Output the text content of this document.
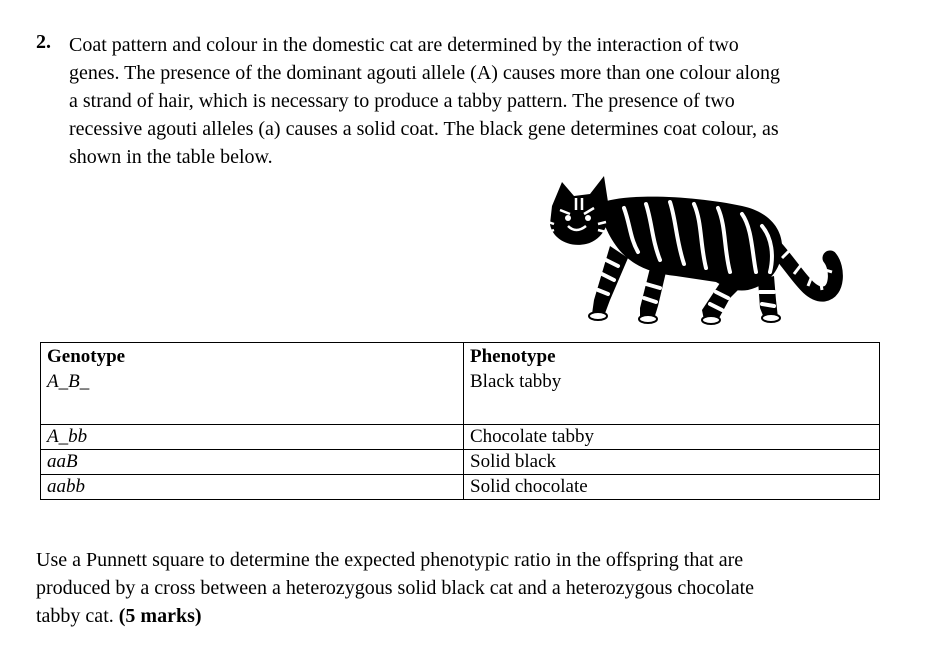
2. Coat pattern and colour in the domestic cat are determined by the interaction of two
genes. The presence of the dominant agouti allele (A) causes more than one colour along
a strand of hair, which is necessary to produce a tabby pattern. The presence of two
recessive agouti alleles (a) causes a solid coat. The black gene determines coat colour, as
shown in the table below.
Genotype	Phenotype
A_B_	Black tabby
A_bb	Chocolate tabby
aaB	Solid black
aabb	Solid chocolate
Use a Punnett square to determine the expected phenotypic ratio in the offspring that are
produced by a cross between a heterozygous solid black cat and a heterozygous chocolate
tabby cat. (5 marks)
